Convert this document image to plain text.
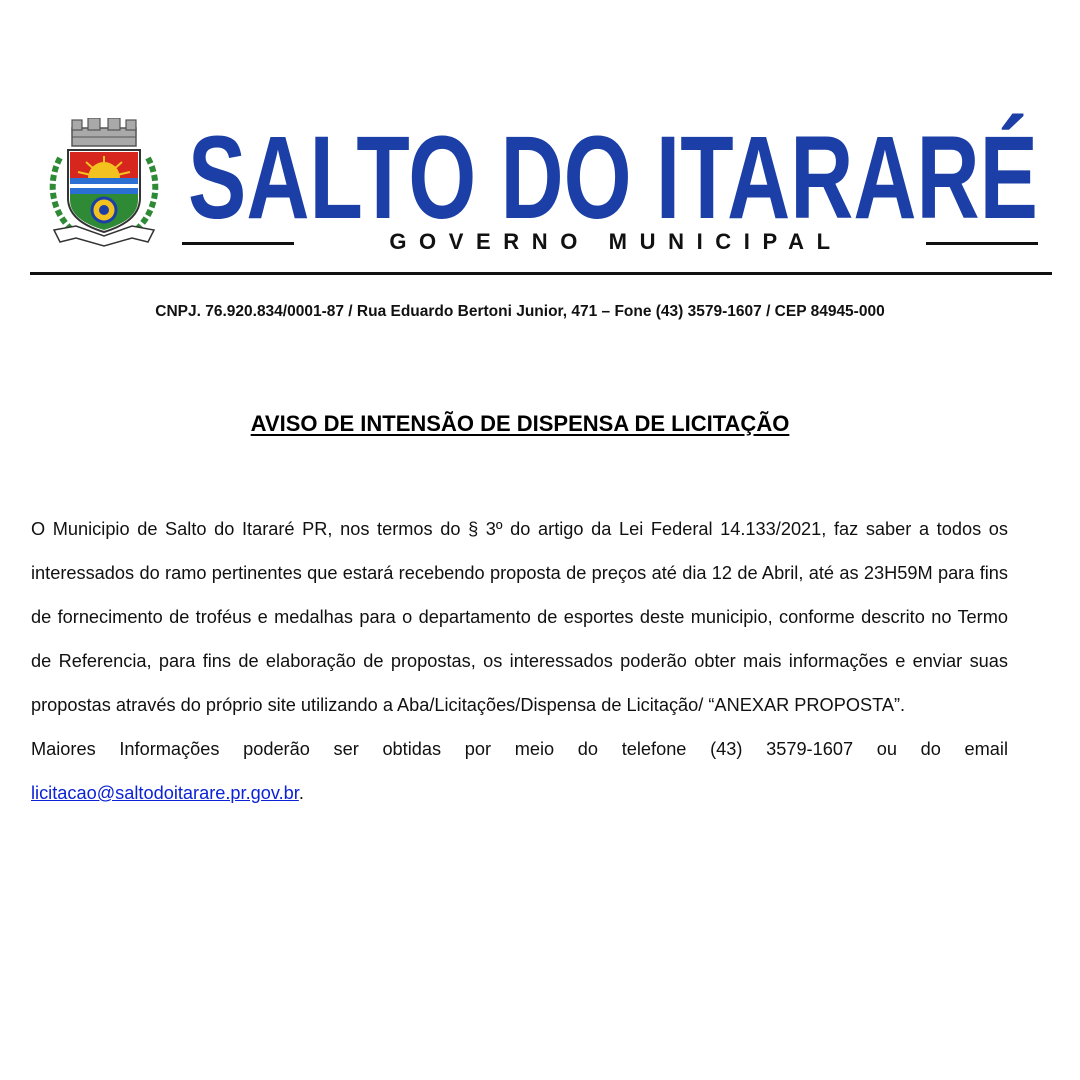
SALTO DO ITARARÉ
GOVERNO MUNICIPAL
CNPJ. 76.920.834/0001-87 / Rua Eduardo Bertoni Junior, 471 – Fone (43) 3579-1607 / CEP 84945-000
AVISO DE INTENSÃO DE DISPENSA DE LICITAÇÃO

O Municipio de Salto do Itararé PR, nos termos do § 3º do artigo da Lei Federal 14.133/2021, faz saber a todos os interessados do ramo pertinentes que estará recebendo proposta de preços até dia 12 de Abril, até as 23H59M para fins de fornecimento de troféus e medalhas para o departamento de esportes deste municipio, conforme descrito no Termo de Referencia, para fins de elaboração de propostas, os interessados poderão obter mais informações e enviar suas propostas através do próprio site utilizando a Aba/Licitações/Dispensa de Licitação/ “ANEXAR PROPOSTA”.

Maiores Informações poderão ser obtidas por meio do telefone (43) 3579-1607 ou do email licitacao@saltodoitarare.pr.gov.br.
